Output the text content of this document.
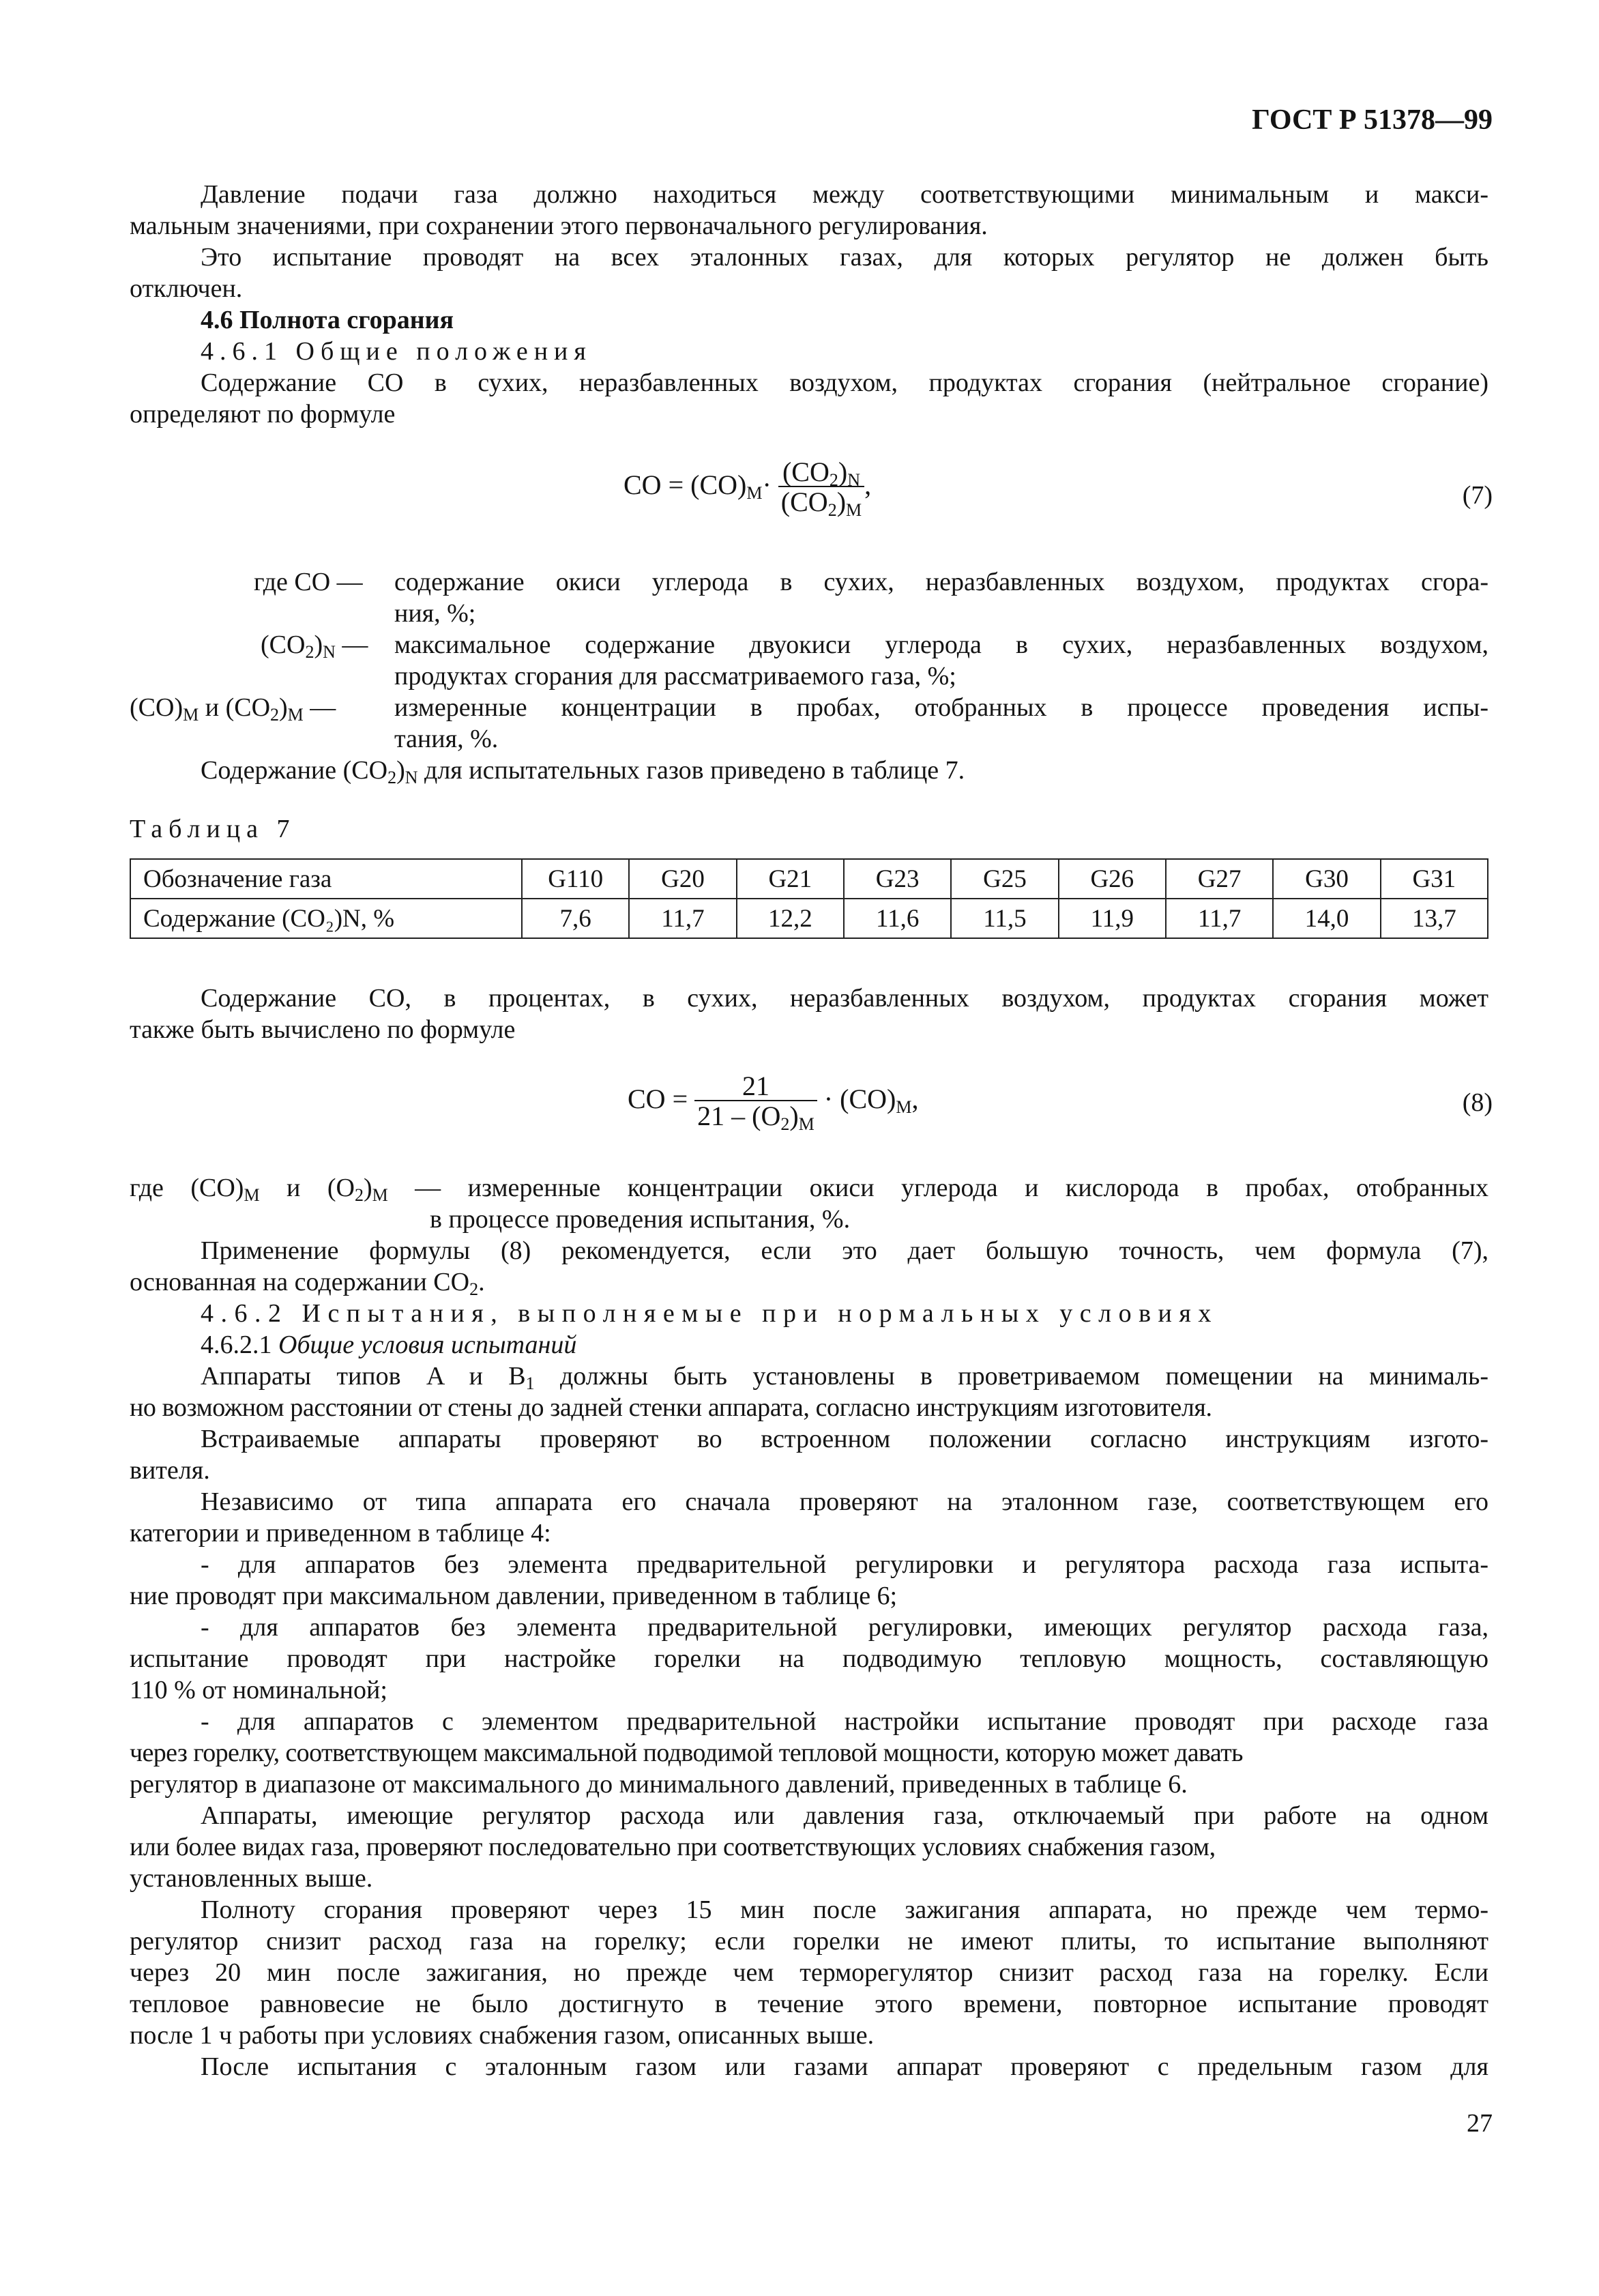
ГОСТ Р 51378—99
Давление подачи газа должно находиться между соответствующими минимальным и макси-
мальным значениями, при сохранении этого первоначального регулирования.
Это испытание проводят на всех эталонных газах, для которых регулятор не должен быть
отключен.
4.6 Полнота сгорания
4.6.1 Общие положения
Содержание CO в сухих, неразбавленных воздухом, продуктах сгорания (нейтральное сгорание)
определяют по формуле
CO = $(CO)_M\cdot \frac{(CO_2)_N}{(CO_2)_M}$ ,	(7)
где CO — содержание окиси углерода в сухих, неразбавленных воздухом, продуктах сгора-
ния, %;
$(CO_2)_N$ — максимальное содержание двуокиси углерода в сухих, неразбавленных воздухом,
продуктах сгорания для рассматриваемого газа, %;
$(CO)_M$ и $(CO_2)_M$ — измеренные концентрации в пробах, отобранных в процессе проведения испы-
тания, %.
Содержание $(CO_2)_N$ для испытательных газов приведено в таблице 7.
Таблица 7
Обозначение газа	G110	G20	G21	G23	G25	G26	G27	G30	G31
Содержание (CO₂)N, %	7,6	11,7	12,2	11,6	11,5	11,9	11,7	14,0	13,7
Содержание CO, в процентах, в сухих, неразбавленных воздухом, продуктах сгорания может
также быть вычислено по формуле
CO = $\frac{21}{21 - (O_2)_M} \cdot (CO)_M$,	(8)
где $(CO)_M$ и $(O_2)_M$ — измеренные концентрации окиси углерода и кислорода в пробах, отобранных
в процессе проведения испытания, %.
Применение формулы (8) рекомендуется, если это дает большую точность, чем формула (7),
основанная на содержании $CO_2$.
4.6.2 Испытания, выполняемые при нормальных условиях
4.6.2.1 Общие условия испытаний
Аппараты типов A и $B_1$ должны быть установлены в проветриваемом помещении на минималь-
но возможном расстоянии от стены до задней стенки аппарата, согласно инструкциям изготовителя.
Встраиваемые аппараты проверяют во встроенном положении согласно инструкциям изгото-
вителя.
Независимо от типа аппарата его сначала проверяют на эталонном газе, соответствующем его
категории и приведенном в таблице 4:
- для аппаратов без элемента предварительной регулировки и регулятора расхода газа испыта-
ние проводят при максимальном давлении, приведенном в таблице 6;
- для аппаратов без элемента предварительной регулировки, имеющих регулятор расхода газа,
испытание проводят при настройке горелки на подводимую тепловую мощность, составляющую
110 % от номинальной;
- для аппаратов с элементом предварительной настройки испытание проводят при расходе газа
через горелку, соответствующем максимальной подводимой тепловой мощности, которую может давать
регулятор в диапазоне от максимального до минимального давлений, приведенных в таблице 6.
Аппараты, имеющие регулятор расхода или давления газа, отключаемый при работе на одном
или более видах газа, проверяют последовательно при соответствующих условиях снабжения газом,
установленных выше.
Полноту сгорания проверяют через 15 мин после зажигания аппарата, но прежде чем термо-
регулятор снизит расход газа на горелку; если горелки не имеют плиты, то испытание выполняют
через 20 мин после зажигания, но прежде чем терморегулятор снизит расход газа на горелку. Если
тепловое равновесие не было достигнуто в течение этого времени, повторное испытание проводят
после 1 ч работы при условиях снабжения газом, описанных выше.
После испытания с эталонным газом или газами аппарат проверяют с предельным газом для
27
